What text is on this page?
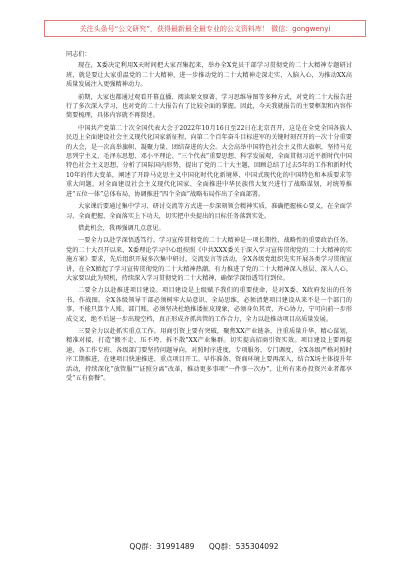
关注头条号“公文研究”，获得最新最全最专业的公文资料库！ 微信：gongwenyi

同志们：

现在，X委决定利用X天时间把大家召集起来，举办全X党员干部学习贯彻党的二十大精神专题研讨班，就是要让大家重温党的二十大精神，进一步推动党的二十大精神走深走实、入脑入心，为推动XX高质量发展注入更强精神动力。

前期，大家也都通过观看开幕直播、阅读原文原著、学习思维导图等多种方式，对党的二十大报告进行了多次深入学习，也对党的二十大报告有了比较全面的掌握。因此，今天我就报告的主要框架和内容作简要梳理，具体内容就不再赘述。

中国共产党第二十次全国代表大会于2022年10月16日至22日在北京召开，这是在全党全国各族人民迈上全面建设社会主义现代化国家新征程、向第二个百年奋斗目标进军的关键时刻召开的一次十分重要的大会，是一次高举旗帜、凝聚力量、团结奋进的大会。大会高举中国特色社会主义伟大旗帜，坚持马克思列宁主义、毛泽东思想、邓小平理论、“三个代表”重要思想、科学发展观，全面贯彻习近平新时代中国特色社会主义思想，分析了国际国内形势，提出了党的二十大主题，回顾总结了过去5年的工作和新时代10年的伟大变革，阐述了开辟马克思主义中国化时代化新境界、中国式现代化的中国特色和本质要求等重大问题，对全面建设社会主义现代化国家、全面推进中华民族伟大复兴进行了战略谋划，对统筹推进“五位一体”总体布局、协调推进“四个全面”战略布局作出了全面部署。

大家课后要通过集中学习、研讨交流等方式进一步深刻领会精神实质，准确把握核心要义，在全面学习、全面把握、全面落实上下功夫，切实把中央提出的目标任务落到实处。

借此机会，我再强调几点意见。

一要全力以赴学深悟透笃行。学习宣传贯彻党的二十大精神是一项长期性、战略性的重要政治任务。党的二十大召开以来，X委理论学习中心组按照《中共XXX委关于深入学习宣传贯彻党的二十大精神的实施方案》要求，先后组织开展多次集中研讨、交流发言等活动，全X各级党组织先实开展各类学习贯彻宣讲，在全X掀起了学习宣传贯彻党的二十大精神热潮。有力推进了党的二十大精神深入基层、深入人心。大家要以此为契机，持续深入学习贯彻党的二十大精神，确保学深悟透笃行到位。

二要全力以赴推进项目建设。项目建设是上级赋予我们的重要使命，是对X委、X政府发出的任务书、作战图。全X各级领导干部必须树牢大局意识、全局思维，必须清楚项目建设从来不是一个部门的事，不能只算个人账、部门账，必须坚决杜绝推诿扯皮现象，必须身负其责、齐心协力，宁可向前一步形成交叉，绝不后退一步出现空档，真正形成齐抓共管的工作合力，全力以赴推动项目高质量发展。

三要全力以赴抓实重点工作。用商引资上要有突破，聚焦XX产业链条，注重质量升华，精心谋划，精准对接，打造“搬不走、压不垮、拆不散”XX产业集群。切实提高招商引资实效。项目建设上要再提速，各工作专班、各级部门要坚持问题导向，对照时序进度，专项服务，专门调度，全X各级严格对照时序工期推进，在建项目快速推进、重点项目开工。早作准备、资商环境上要再深入，结合X场主体提升年活动，持续深化“放管服”“证照分离”改革，推动更多事项“一件事一次办”，让所有来办投资兴业者都享受“五有套餐”。

QQ群：31991489 QQ群：535304092
